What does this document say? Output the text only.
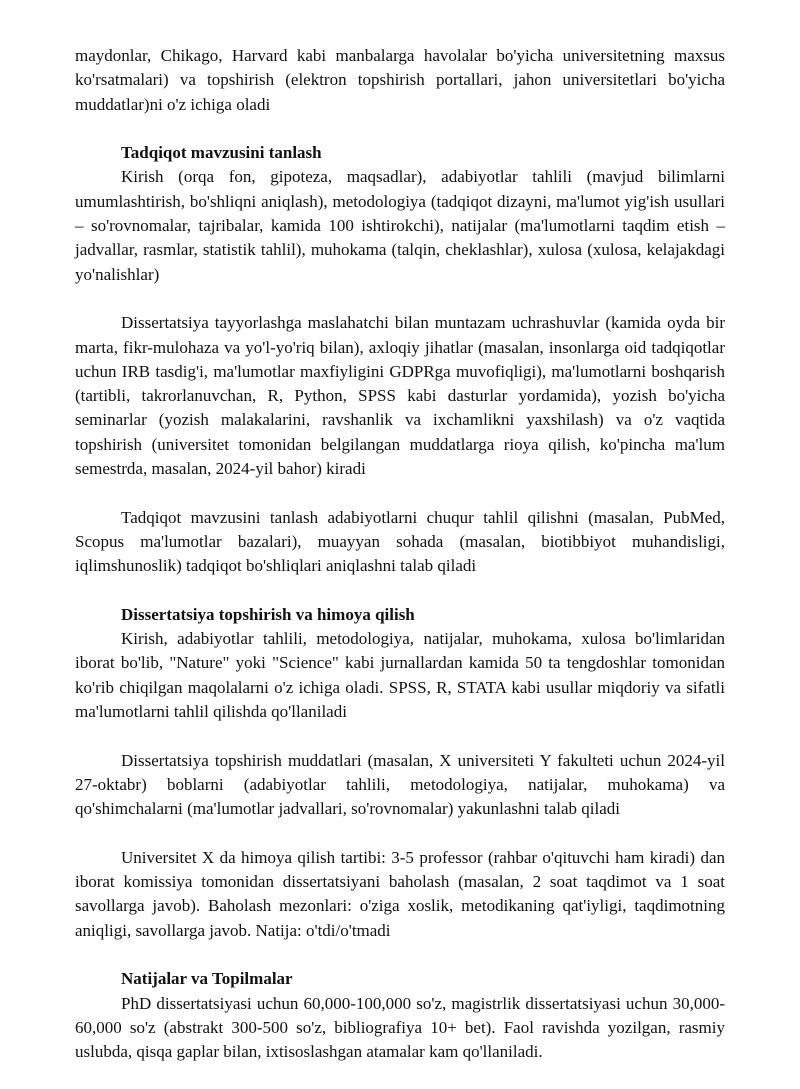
maydonlar, Chikago, Harvard kabi manbalarga havolalar bo'yicha universitetning maxsus ko'rsatmalari) va topshirish (elektron topshirish portallari, jahon universitetlari bo'yicha muddatlar)ni o'z ichiga oladi

Tadqiqot mavzusini tanlash

Kirish (orqa fon, gipoteza, maqsadlar), adabiyotlar tahlili (mavjud bilimlarni umumlashtirish, bo'shliqni aniqlash), metodologiya (tadqiqot dizayni, ma'lumot yig'ish usullari – so'rovnomalar, tajribalar, kamida 100 ishtirokchi), natijalar (ma'lumotlarni taqdim etish – jadvallar, rasmlar, statistik tahlil), muhokama (talqin, cheklashlar), xulosa (xulosa, kelajakdagi yo'nalishlar)

Dissertatsiya tayyorlashga maslahatchi bilan muntazam uchrashuvlar (kamida oyda bir marta, fikr-mulohaza va yo'l-yo'riq bilan), axloqiy jihatlar (masalan, insonlarga oid tadqiqotlar uchun IRB tasdig'i, ma'lumotlar maxfiyligini GDPRga muvofiqligi), ma'lumotlarni boshqarish (tartibli, takrorlanuvchan, R, Python, SPSS kabi dasturlar yordamida), yozish bo'yicha seminarlar (yozish malakalarini, ravshanlik va ixchamlikni yaxshilash) va o'z vaqtida topshirish (universitet tomonidan belgilangan muddatlarga rioya qilish, ko'pincha ma'lum semestrda, masalan, 2024-yil bahor) kiradi

Tadqiqot mavzusini tanlash adabiyotlarni chuqur tahlil qilishni (masalan, PubMed, Scopus ma'lumotlar bazalari), muayyan sohada (masalan, biotibbiyot muhandisligi, iqlimshunoslik) tadqiqot bo'shliqlari aniqlashni talab qiladi

Dissertatsiya topshirish va himoya qilish

Kirish, adabiyotlar tahlili, metodologiya, natijalar, muhokama, xulosa bo'limlaridan iborat bo'lib, "Nature" yoki "Science" kabi jurnallardan kamida 50 ta tengdoshlar tomonidan ko'rib chiqilgan maqolalarni o'z ichiga oladi. SPSS, R, STATA kabi usullar miqdoriy va sifatli ma'lumotlarni tahlil qilishda qo'llaniladi

Dissertatsiya topshirish muddatlari (masalan, X universiteti Y fakulteti uchun 2024-yil 27-oktabr) boblarni (adabiyotlar tahlili, metodologiya, natijalar, muhokama) va qo'shimchalarni (ma'lumotlar jadvallari, so'rovnomalar) yakunlashni talab qiladi

Universitet X da himoya qilish tartibi: 3-5 professor (rahbar o'qituvchi ham kiradi) dan iborat komissiya tomonidan dissertatsiyani baholash (masalan, 2 soat taqdimot va 1 soat savollarga javob). Baholash mezonlari: o'ziga xoslik, metodikaning qat'iyligi, taqdimotning aniqligi, savollarga javob. Natija: o'tdi/o'tmadi

Natijalar va Topilmalar

PhD dissertatsiyasi uchun 60,000-100,000 so'z, magistrlik dissertatsiyasi uchun 30,000-60,000 so'z (abstrakt 300-500 so'z, bibliografiya 10+ bet). Faol ravishda yozilgan, rasmiy uslubda, qisqa gaplar bilan, ixtisoslashgan atamalar kam qo'llaniladi.
